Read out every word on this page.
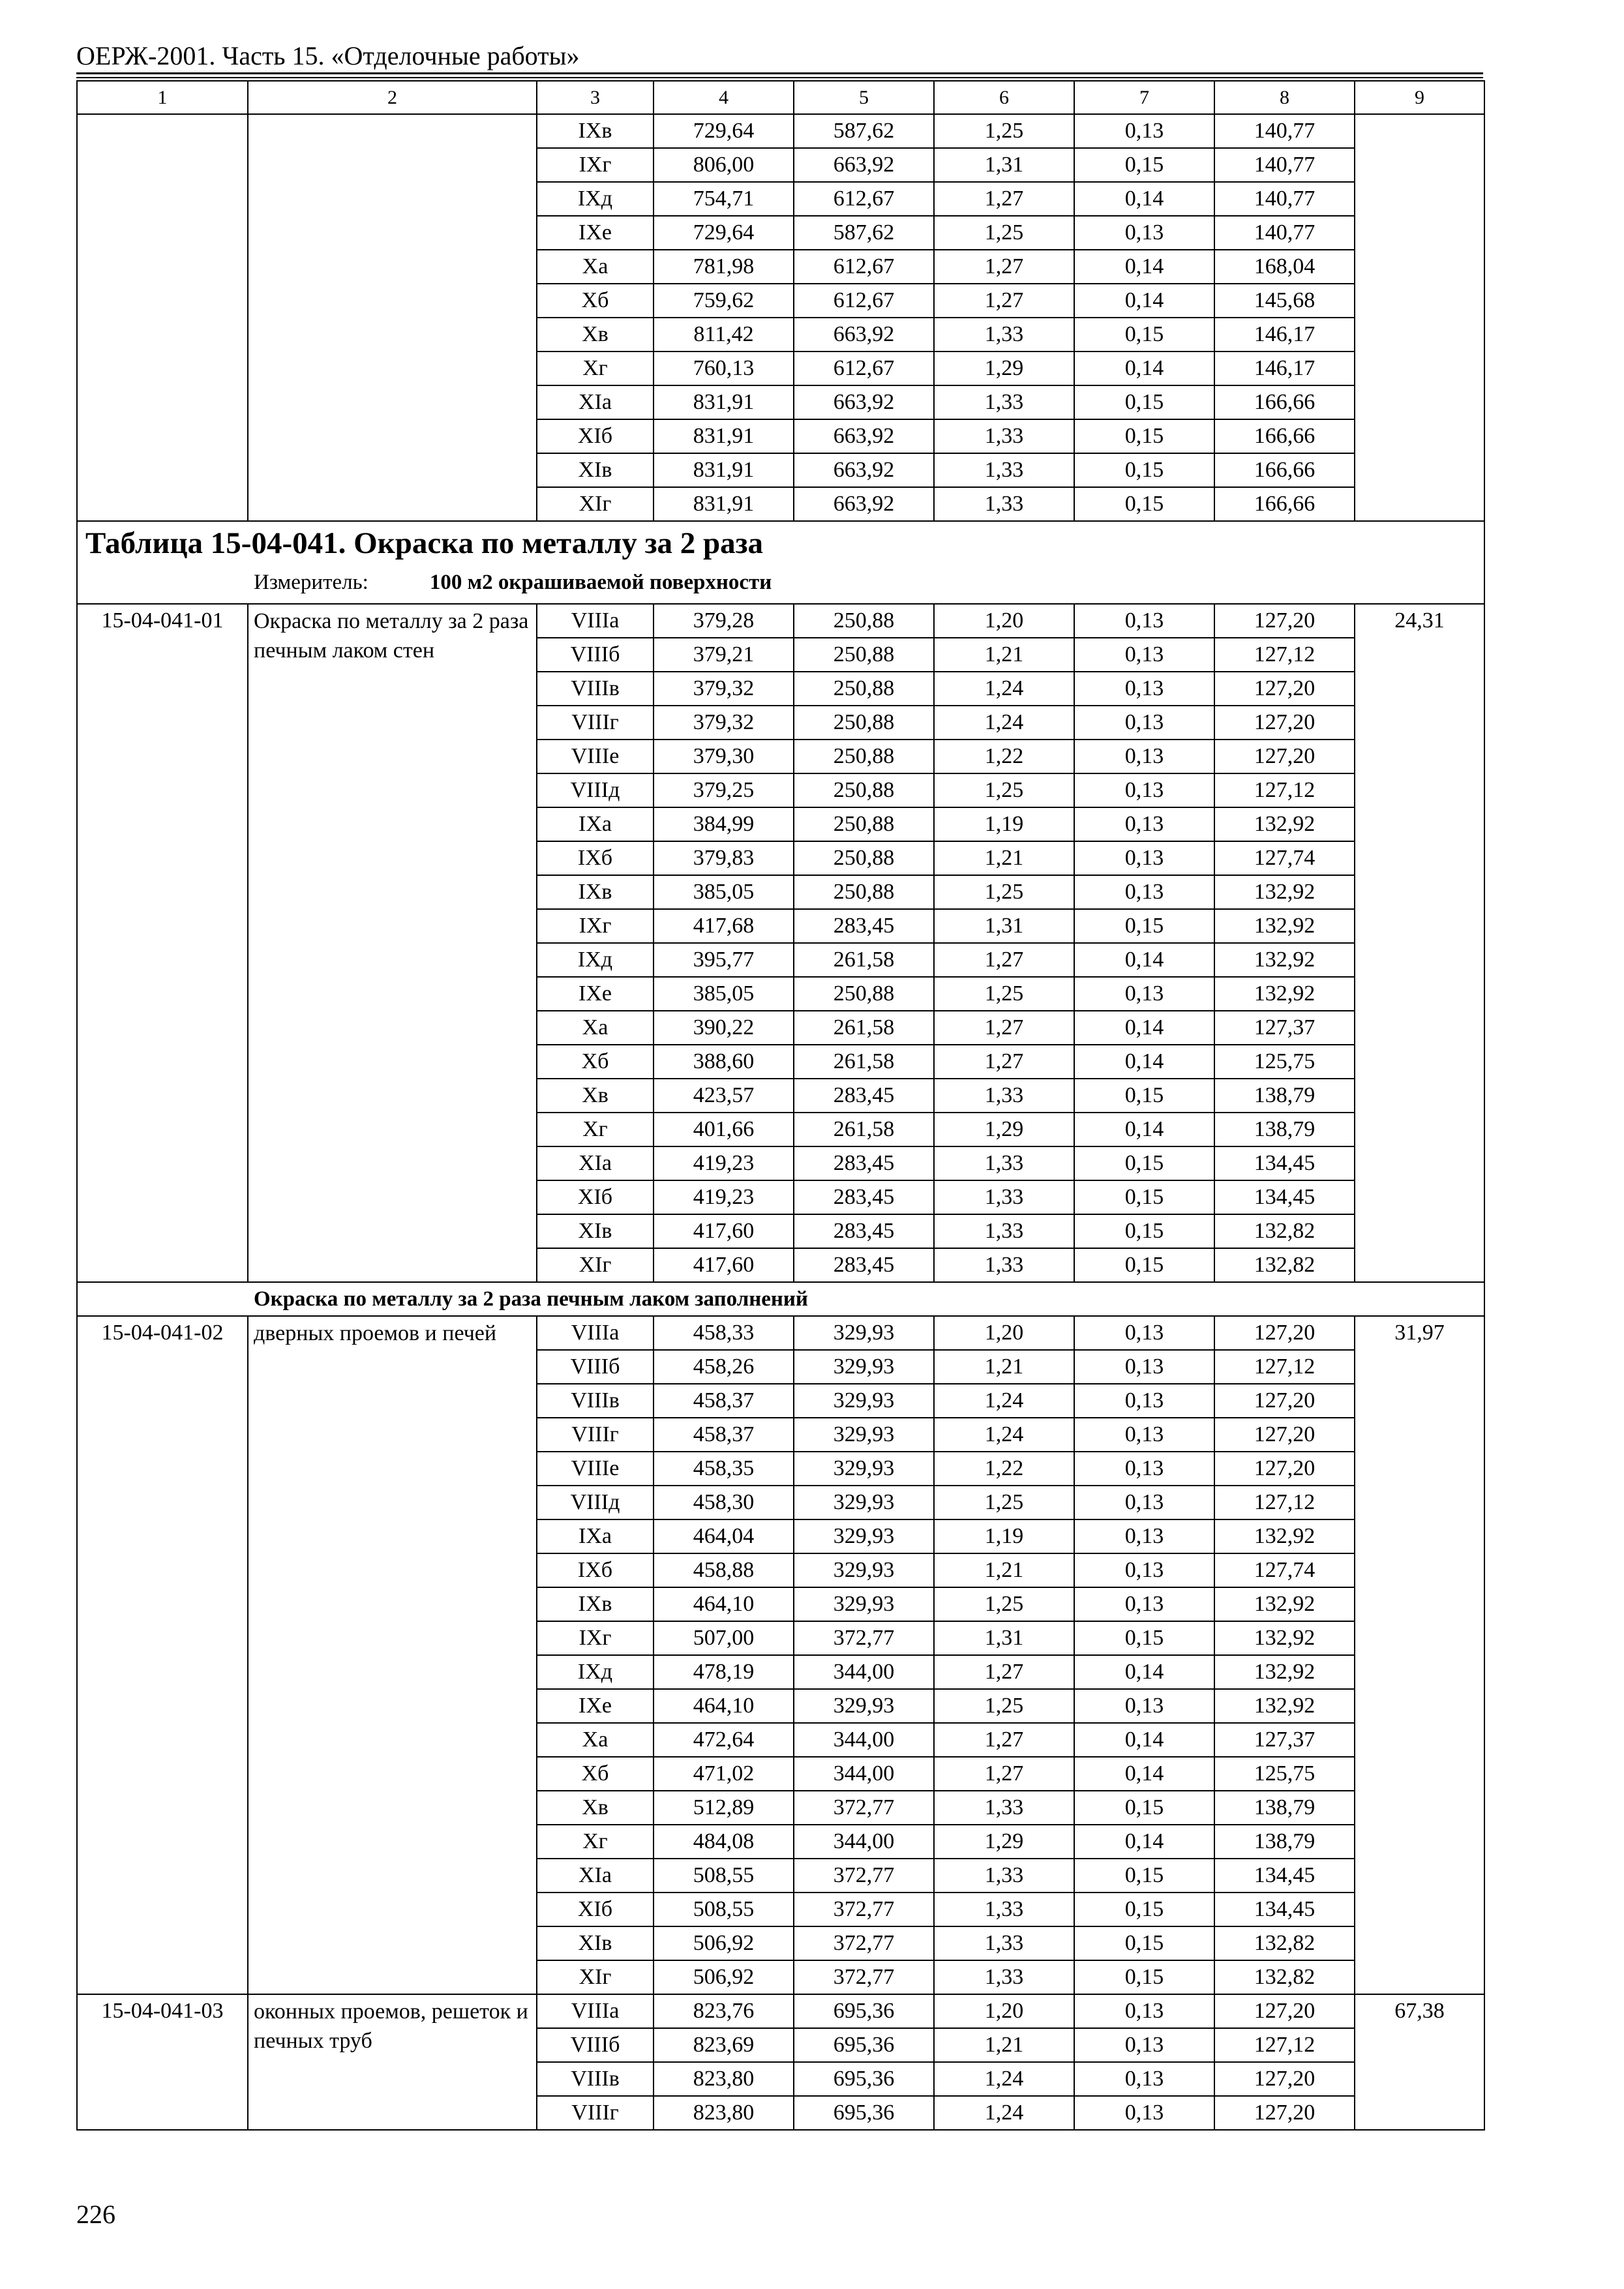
ОЕРЖ-2001. Часть 15. «Отделочные работы»
1	2	3	4	5	6	7	8	9
		IXв	729,64	587,62	1,25	0,13	140,77	
		IXг	806,00	663,92	1,31	0,15	140,77	
		IXд	754,71	612,67	1,27	0,14	140,77	
		IXе	729,64	587,62	1,25	0,13	140,77	
		Xа	781,98	612,67	1,27	0,14	168,04	
		Xб	759,62	612,67	1,27	0,14	145,68	
		Xв	811,42	663,92	1,33	0,15	146,17	
		Xг	760,13	612,67	1,29	0,14	146,17	
		XIа	831,91	663,92	1,33	0,15	166,66	
		XIб	831,91	663,92	1,33	0,15	166,66	
		XIв	831,91	663,92	1,33	0,15	166,66	
		XIг	831,91	663,92	1,33	0,15	166,66	

Таблица 15-04-041. Окраска по металлу за 2 раза
Измеритель: 100 м2 окрашиваемой поверхности								

15-04-041-01	Окраска по металлу за 2 раза печным лаком стен	VIIIа	379,28	250,88	1,20	0,13	127,20	24,31
		VIIIб	379,21	250,88	1,21	0,13	127,12	
		VIIIв	379,32	250,88	1,24	0,13	127,20	
		VIIIг	379,32	250,88	1,24	0,13	127,20	
		VIIIе	379,30	250,88	1,22	0,13	127,20	
		VIIIд	379,25	250,88	1,25	0,13	127,12	
		IXа	384,99	250,88	1,19	0,13	132,92	
		IXб	379,83	250,88	1,21	0,13	127,74	
		IXв	385,05	250,88	1,25	0,13	132,92	
		IXг	417,68	283,45	1,31	0,15	132,92	
		IXд	395,77	261,58	1,27	0,14	132,92	
		IXе	385,05	250,88	1,25	0,13	132,92	
		Xа	390,22	261,58	1,27	0,14	127,37	
		Xб	388,60	261,58	1,27	0,14	125,75	
		Xв	423,57	283,45	1,33	0,15	138,79	
		Xг	401,66	261,58	1,29	0,14	138,79	
		XIа	419,23	283,45	1,33	0,15	134,45	
		XIб	419,23	283,45	1,33	0,15	134,45	
		XIв	417,60	283,45	1,33	0,15	132,82	
		XIг	417,60	283,45	1,33	0,15	132,82	
Окраска по металлу за 2 раза печным лаком заполнений								
15-04-041-02	дверных проемов и печей	VIIIа	458,33	329,93	1,20	0,13	127,20	31,97
		VIIIб	458,26	329,93	1,21	0,13	127,12	
		VIIIв	458,37	329,93	1,24	0,13	127,20	
		VIIIг	458,37	329,93	1,24	0,13	127,20	
		VIIIе	458,35	329,93	1,22	0,13	127,20	
		VIIIд	458,30	329,93	1,25	0,13	127,12	
		IXа	464,04	329,93	1,19	0,13	132,92	
		IXб	458,88	329,93	1,21	0,13	127,74	
		IXв	464,10	329,93	1,25	0,13	132,92	
		IXг	507,00	372,77	1,31	0,15	132,92	
		IXд	478,19	344,00	1,27	0,14	132,92	
		IXе	464,10	329,93	1,25	0,13	132,92	
		Xа	472,64	344,00	1,27	0,14	127,37	
		Xб	471,02	344,00	1,27	0,14	125,75	
		Xв	512,89	372,77	1,33	0,15	138,79	
		Xг	484,08	344,00	1,29	0,14	138,79	
		XIа	508,55	372,77	1,33	0,15	134,45	
		XIб	508,55	372,77	1,33	0,15	134,45	
		XIв	506,92	372,77	1,33	0,15	132,82	
		XIг	506,92	372,77	1,33	0,15	132,82	
15-04-041-03	оконных проемов, решеток и печных труб	VIIIа	823,76	695,36	1,20	0,13	127,20	67,38
		VIIIб	823,69	695,36	1,21	0,13	127,12	
		VIIIв	823,80	695,36	1,24	0,13	127,20	
		VIIIг	823,80	695,36	1,24	0,13	127,20	
226
